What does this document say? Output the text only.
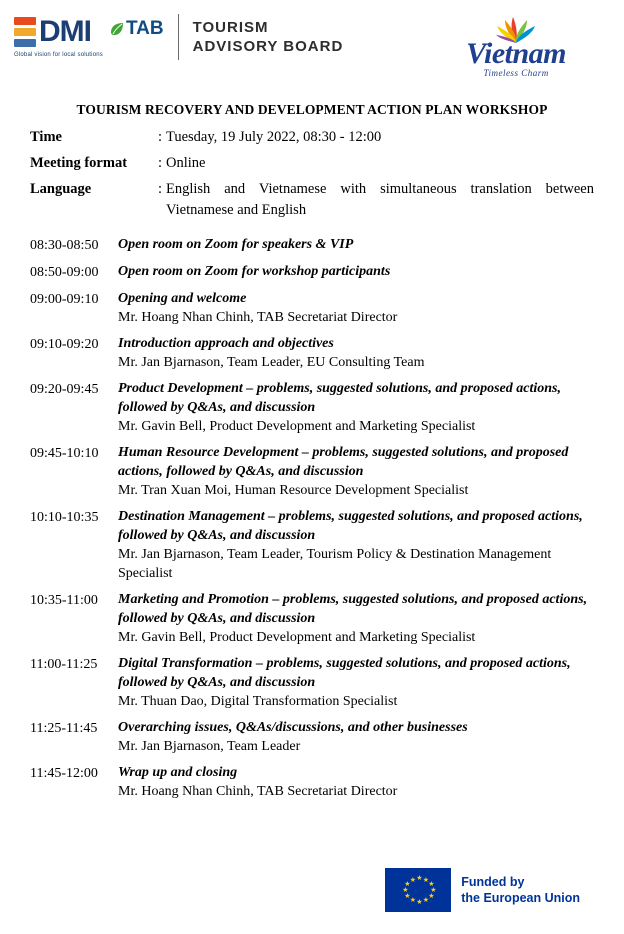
DMI
Global vision for local solutions
TAB TOURISM
ADVISORY BOARD	Vietnam
Timeless Charm
TOURISM RECOVERY AND DEVELOPMENT ACTION PLAN WORKSHOP
Time	: Tuesday, 19 July 2022, 08:30 - 12:00
Meeting format	: Online
Language	: English and Vietnamese with simultaneous translation between Vietnamese and English
08:30-08:50	Open room on Zoom for speakers & VIP
08:50-09:00	Open room on Zoom for workshop participants
09:00-09:10	Opening and welcome
Mr. Hoang Nhan Chinh, TAB Secretariat Director
09:10-09:20	Introduction approach and objectives
Mr. Jan Bjarnason, Team Leader, EU Consulting Team
09:20-09:45	Product Development – problems, suggested solutions, and proposed actions, followed by Q&As, and discussion
Mr. Gavin Bell, Product Development and Marketing Specialist
09:45-10:10	Human Resource Development – problems, suggested solutions, and proposed actions, followed by Q&As, and discussion
Mr. Tran Xuan Moi, Human Resource Development Specialist
10:10-10:35	Destination Management – problems, suggested solutions, and proposed actions, followed by Q&As, and discussion
Mr. Jan Bjarnason, Team Leader, Tourism Policy & Destination Management Specialist
10:35-11:00	Marketing and Promotion – problems, suggested solutions, and proposed actions, followed by Q&As, and discussion
Mr. Gavin Bell, Product Development and Marketing Specialist
11:00-11:25	Digital Transformation – problems, suggested solutions, and proposed actions, followed by Q&As, and discussion
Mr. Thuan Dao, Digital Transformation Specialist
11:25-11:45	Overarching issues, Q&As/discussions, and other businesses
Mr. Jan Bjarnason, Team Leader
11:45-12:00	Wrap up and closing
Mr. Hoang Nhan Chinh, TAB Secretariat Director
★
★
★
★
★
★ ★ ★
★
★
★
★	Funded by
the European Union
